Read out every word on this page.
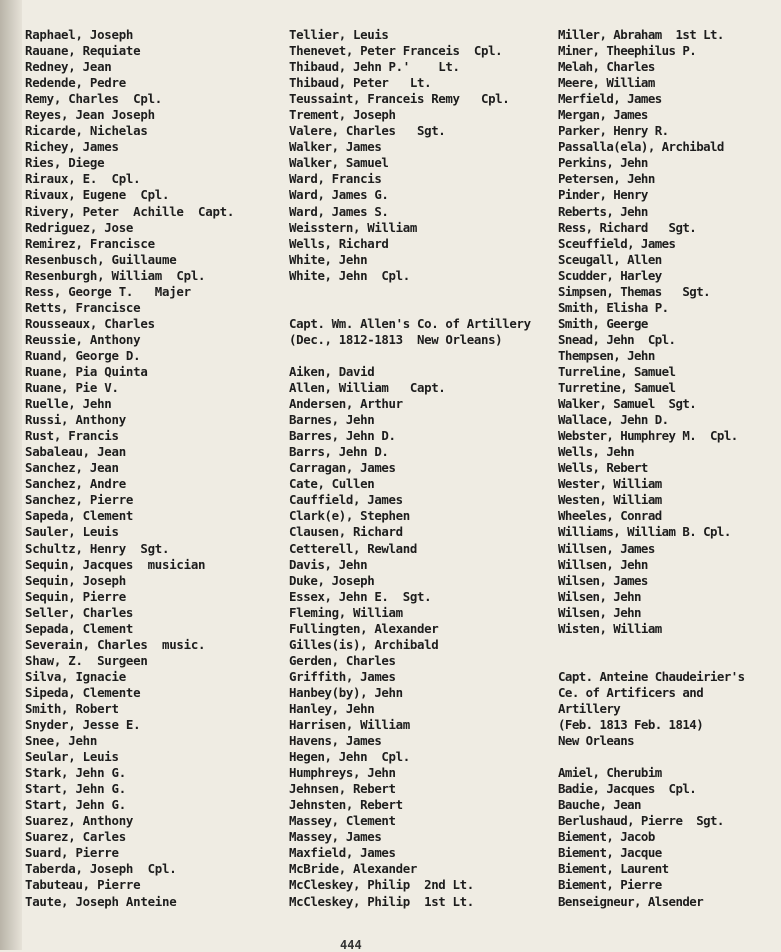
Raphael, Joseph
Rauane, Requiate
Redney, Jean
Redende, Pedre
Remy, Charles  Cpl.
Reyes, Jean Joseph
Ricarde, Nichelas
Richey, James
Ries, Diege
Riraux, E.  Cpl.
Rivaux, Eugene  Cpl.
Rivery, Peter  Achille  Capt.
Redriguez, Jose
Remirez, Francisce
Resenbusch, Guillaume
Resenburgh, William  Cpl.
Ress, George T.   Majer
Retts, Francisce
Rousseaux, Charles
Reussie, Anthony
Ruand, George D.
Ruane, Pia Quinta
Ruane, Pie V.
Ruelle, Jehn
Russi, Anthony
Rust, Francis
Sabaleau, Jean
Sanchez, Jean
Sanchez, Andre
Sanchez, Pierre
Sapeda, Clement
Sauler, Leuis
Schultz, Henry  Sgt.
Sequin, Jacques  musician
Sequin, Joseph
Sequin, Pierre
Seller, Charles
Sepada, Clement
Severain, Charles  music.
Shaw, Z.  Surgeen
Silva, Ignacie
Sipeda, Clemente
Smith, Robert
Snyder, Jesse E.
Snee, Jehn
Seular, Leuis
Stark, Jehn G.
Start, Jehn G.
Start, Jehn G.
Suarez, Anthony
Suarez, Carles
Suard, Pierre
Taberda, Joseph  Cpl.
Tabuteau, Pierre
Taute, Joseph Anteine
Tellier, Leuis
Thenevet, Peter Franceis  Cpl.
Thibaud, Jehn P.'    Lt.
Thibaud, Peter   Lt.
Teussaint, Franceis Remy   Cpl.
Trement, Joseph
Valere, Charles   Sgt.
Walker, James
Walker, Samuel
Ward, Francis
Ward, James G.
Ward, James S.
Weisstern, William
Wells, Richard
White, Jehn
White, Jehn  Cpl.
Capt. Wm. Allen's Co. of Artillery
(Dec., 1812-1813  New Orleans)
Aiken, David
Allen, William   Capt.
Andersen, Arthur
Barnes, Jehn
Barres, Jehn D.
Barrs, Jehn D.
Carragan, James
Cate, Cullen
Cauffield, James
Clark(e), Stephen
Clausen, Richard
Cetterell, Rewland
Davis, Jehn
Duke, Joseph
Essex, Jehn E.  Sgt.
Fleming, William
Fullingten, Alexander
Gilles(is), Archibald
Gerden, Charles
Griffith, James
Hanbey(by), Jehn
Hanley, Jehn
Harrisen, William
Havens, James
Hegen, Jehn  Cpl.
Humphreys, Jehn
Jehnsen, Rebert
Jehnsten, Rebert
Massey, Clement
Massey, James
Maxfield, James
McBride, Alexander
McCleskey, Philip  2nd Lt.
McCleskey, Philip  1st Lt.
Miller, Abraham  1st Lt.
Miner, Theephilus P.
Melah, Charles
Meere, William
Merfield, James
Mergan, James
Parker, Henry R.
Passalla(ela), Archibald
Perkins, Jehn
Petersen, Jehn
Pinder, Henry
Reberts, Jehn
Ress, Richard   Sgt.
Sceuffield, James
Sceugall, Allen
Scudder, Harley
Simpsen, Themas   Sgt.
Smith, Elisha P.
Smith, Geerge
Snead, Jehn  Cpl.
Thempsen, Jehn
Turreline, Samuel
Turretine, Samuel
Walker, Samuel  Sgt.
Wallace, Jehn D.
Webster, Humphrey M.  Cpl.
Wells, Jehn
Wells, Rebert
Wester, William
Westen, William
Wheeles, Conrad
Williams, William B. Cpl.
Willsen, James
Willsen, Jehn
Wilsen, James
Wilsen, Jehn
Wilsen, Jehn
Wisten, William
Capt. Anteine Chaudeirier's
Ce. of Artificers and
Artillery
(Feb. 1813 Feb. 1814)
New Orleans
Amiel, Cherubim
Badie, Jacques  Cpl.
Bauche, Jean
Berlushaud, Pierre  Sgt.
Biement, Jacob
Biement, Jacque
Biement, Laurent
Biement, Pierre
Benseigneur, Alsender
444
